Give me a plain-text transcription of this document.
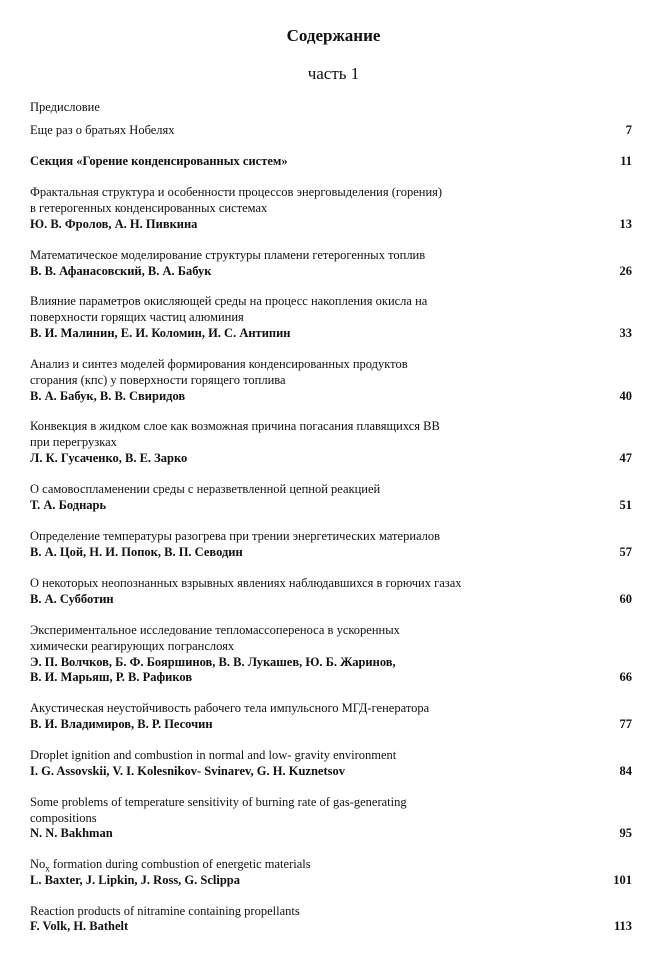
Содержание
часть 1
Предисловие
Еще раз о братьях Нобелях	7
Секция «Горение конденсированных систем»	11
Фрактальная структура и особенности процессов энерговыделения (горения)
в гетерогенных конденсированных системах
Ю. В. Фролов, А. Н. Пивкина	13
Математическое моделирование структуры пламени гетерогенных топлив
В. В. Афанасовский, В. А. Бабук	26
Влияние параметров окисляющей среды на процесс накопления окисла на
поверхности горящих частиц алюминия
В. И. Малинин, Е. И. Коломин, И. С. Антипин	33
Анализ и синтез моделей формирования конденсированных продуктов
сгорания (кпс) у поверхности горящего топлива
В. А. Бабук, В. В. Свиридов	40
Конвекция в жидком слое как возможная причина погасания плавящихся ВВ
при перегрузках
Л. К. Гусаченко, В. Е. Зарко	47
О самовоспламенении среды с неразветвленной цепной реакцией
Т. А. Боднарь	51
Определение температуры разогрева при трении энергетических материалов
В. А. Цой, Н. И. Попок, В. П. Севодин	57
О некоторых неопознанных взрывных явлениях наблюдавшихся в горючих газах
В. А. Субботин	60
Экспериментальное исследование тепломассопереноса в ускоренных
химически реагирующих погранслоях
Э. П. Волчков, Б. Ф. Бояршинов, В. В. Лукашев, Ю. Б. Жаринов,
В. И. Марьяш, Р. В. Рафиков	66
Акустическая неустойчивость рабочего тела импульсного МГД-генератора
В. И. Владимиров, В. Р. Песочин	77
Droplet ignition and combustion in normal and low- gravity environment
I. G. Assovskii, V. I. Kolesnikov- Svinarev, G. H. Kuznetsov	84
Some problems of temperature sensitivity of burning rate of gas-generating
compositions
N. N. Bakhman	95
$No_x$ formation during combustion of energetic materials
L. Baxter, J. Lipkin, J. Ross, G. Sclippa	101
Reaction products of nitramine containing propellants
F. Volk, H. Bathelt	113
